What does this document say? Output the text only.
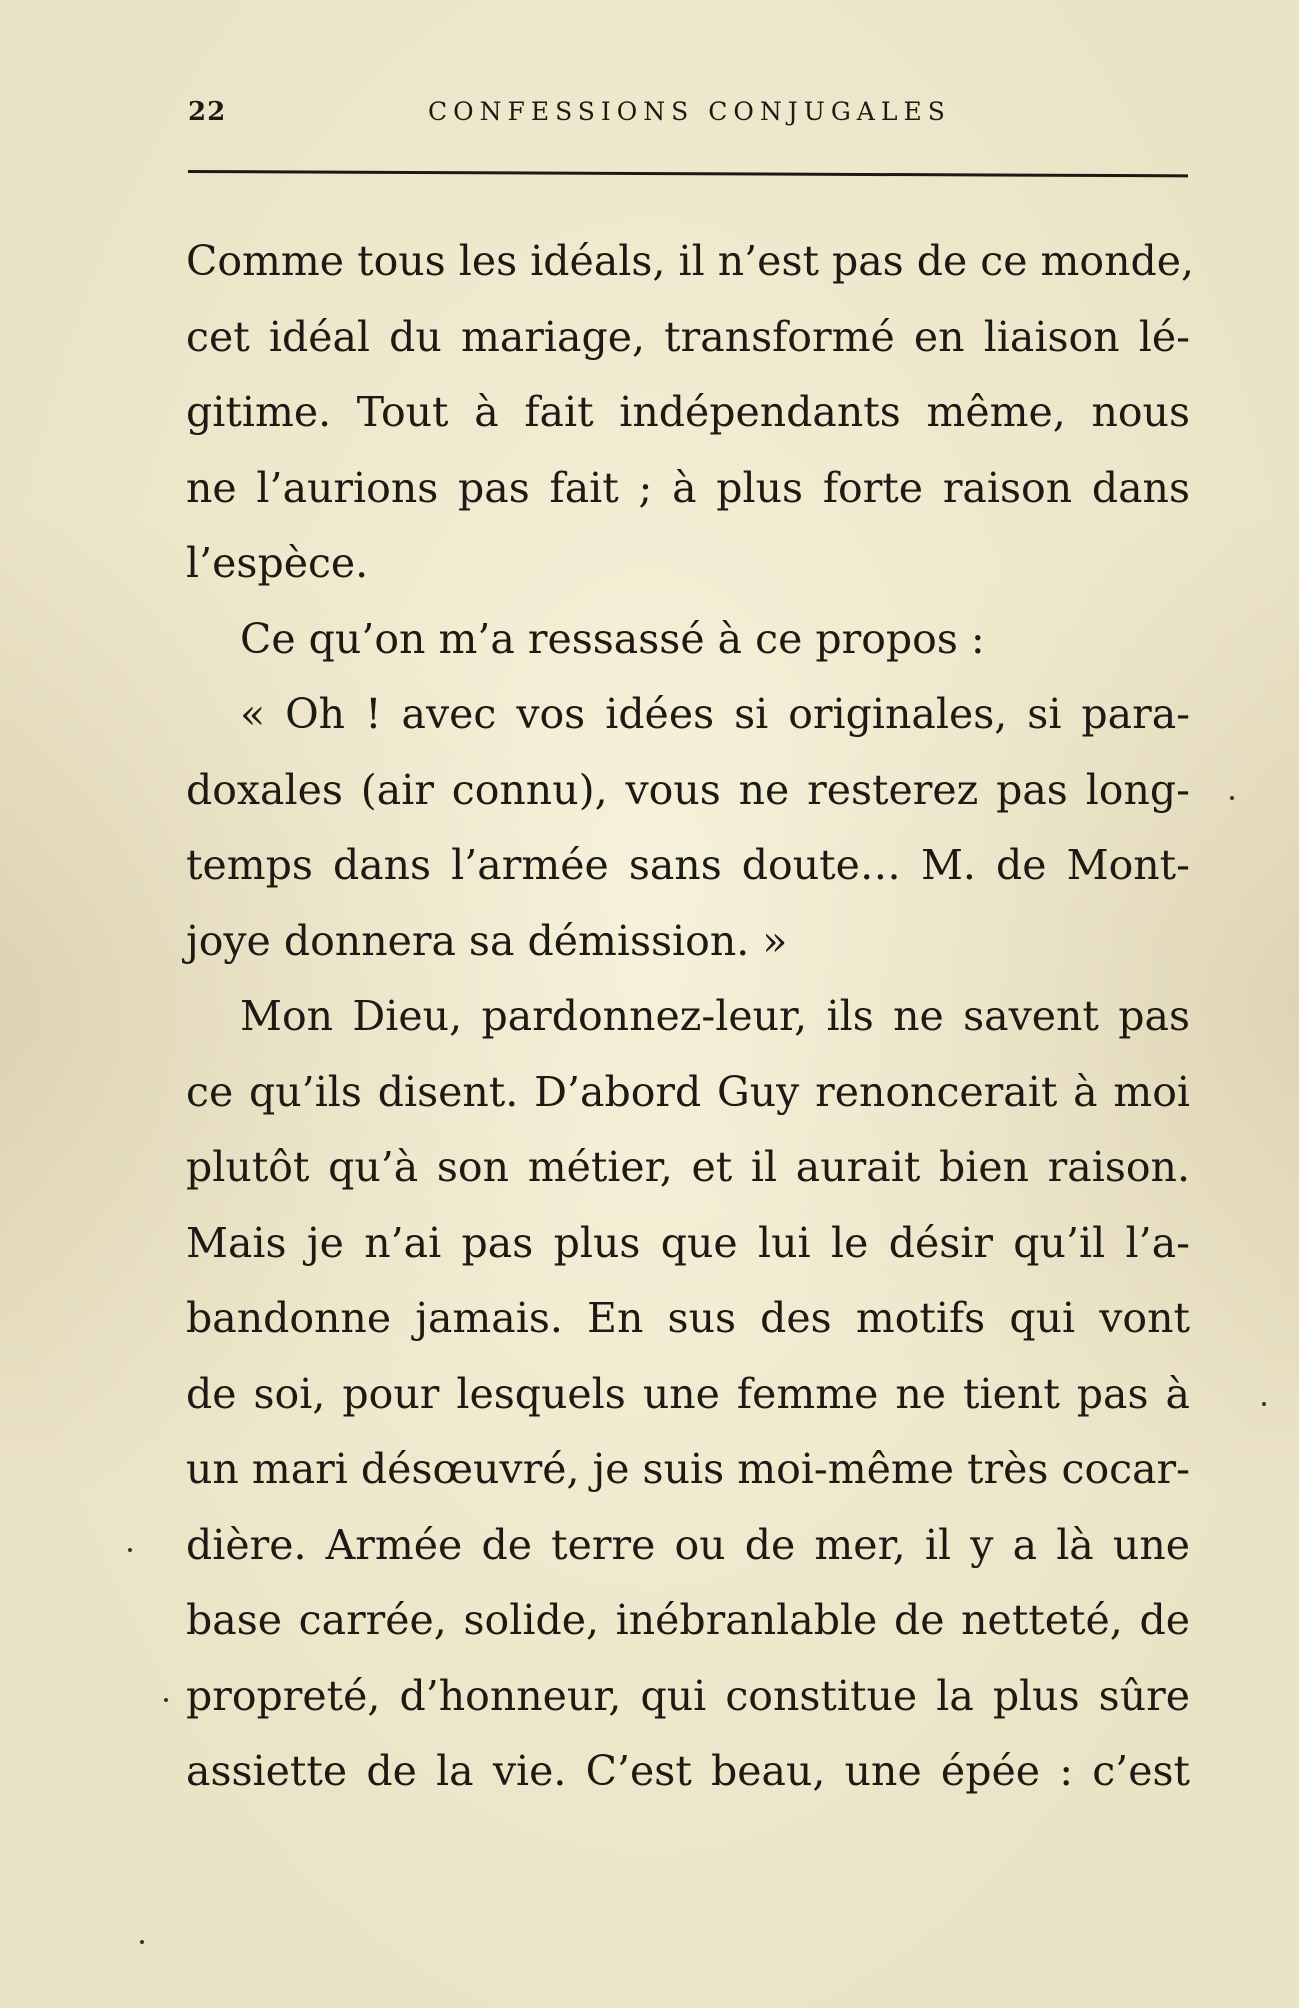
22	CONFESSIONS CONJUGALES
Comme tous les idéals, il n’est pas de ce monde,
cet idéal du mariage, transformé en liaison lé-
gitime. Tout à fait indépendants même, nous
ne l’aurions pas fait ; à plus forte raison dans
l’espèce.
Ce qu’on m’a ressassé à ce propos :
« Oh ! avec vos idées si originales, si para-
doxales (air connu), vous ne resterez pas long-
temps dans l’armée sans doute… M. de Mont-
joye donnera sa démission. »
Mon Dieu, pardonnez-leur, ils ne savent pas
ce qu’ils disent. D’abord Guy renoncerait à moi
plutôt qu’à son métier, et il aurait bien raison.
Mais je n’ai pas plus que lui le désir qu’il l’a-
bandonne jamais. En sus des motifs qui vont
de soi, pour lesquels une femme ne tient pas à
un mari désœuvré, je suis moi-même très cocar-
dière. Armée de terre ou de mer, il y a là une
base carrée, solide, inébranlable de netteté, de
propreté, d’honneur, qui constitue la plus sûre
assiette de la vie. C’est beau, une épée : c’est
